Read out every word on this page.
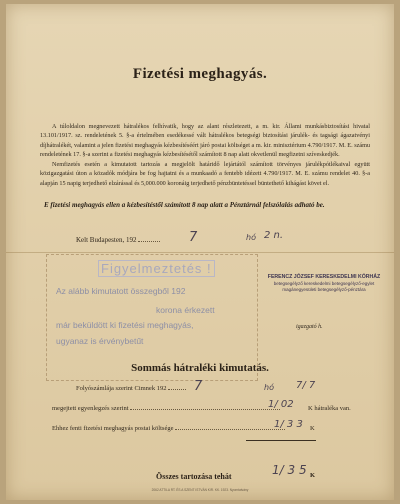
Fizetési meghagyás.

A túloldalon megnevezett hátralékos felhívatik, hogy az alant részletezett, a m. kir. Állami munkásbiztosítási hivatal 13.101/1917. sz. rendeletének 5. §-a értelmében esedékessé vált hátralékos betegségi biztosítási járulék- és tagsági ágazatvényi díjhátralékét, valamint a jelen fizetési meghagyás kézbesítéséért járó postai költséget a m. kir. minisztérium 4.790/1917. M. E. számu rendeletének 17. §-a szerint a fizetési meghagyás kézbesítésétől számított 8 nap alatt okvetlenül megfizetni szíveskedjék.

Nemfizetés esetén a kimutatott tartozás a megjelölt határidő lejártától számított törvényes járulékpótlékaival együtt közigazgatási úton a közadók módjára be fog hajtatni és a munkaadó a fentebb idézett 4.790/1917. M. E. számu rendelet 40. §-a alapján 15 napig terjedhető elzárással és 5,000.000 koronáig terjedhető pénzbüntetéssel büntethető kihágást követ el.

E fizetési meghagyás ellen a kézbesítéstől számított 8 nap alatt a Pénztárnál felszólalás adható be.

Kelt Budapesten, 192	7	hó 2 n.
Figyelmeztetés !
Az alább kimutatott összegből 192
korona érkezett
már beküldött ki fizetési meghagyás,
ugyanaz is érvénybetűt
FERENCZ JÓZSEF KERESKEDELMI KÓRHÁZ
betegsegélyző kereskedelmi betegsegélyző-egylet
magánegyesületi betegsegélyző-pénztára
igazgató h.
Sommás hátraléki kimutatás.
Folyószámlája szerint Cimnek 192	7	hó 7/ 7
megejtett egyenlegzés szerint	1/ 02 K hátraléka van.
Ehhez fenti fizetési meghagyás postai költsége	1/ 3 3 K
Összes tartozása tehát	1/ 3 5 K
2062 ATTILA RT. ÉS A SZENT ISTVÁN KIR. KK. 1923. Nyomtatvány
